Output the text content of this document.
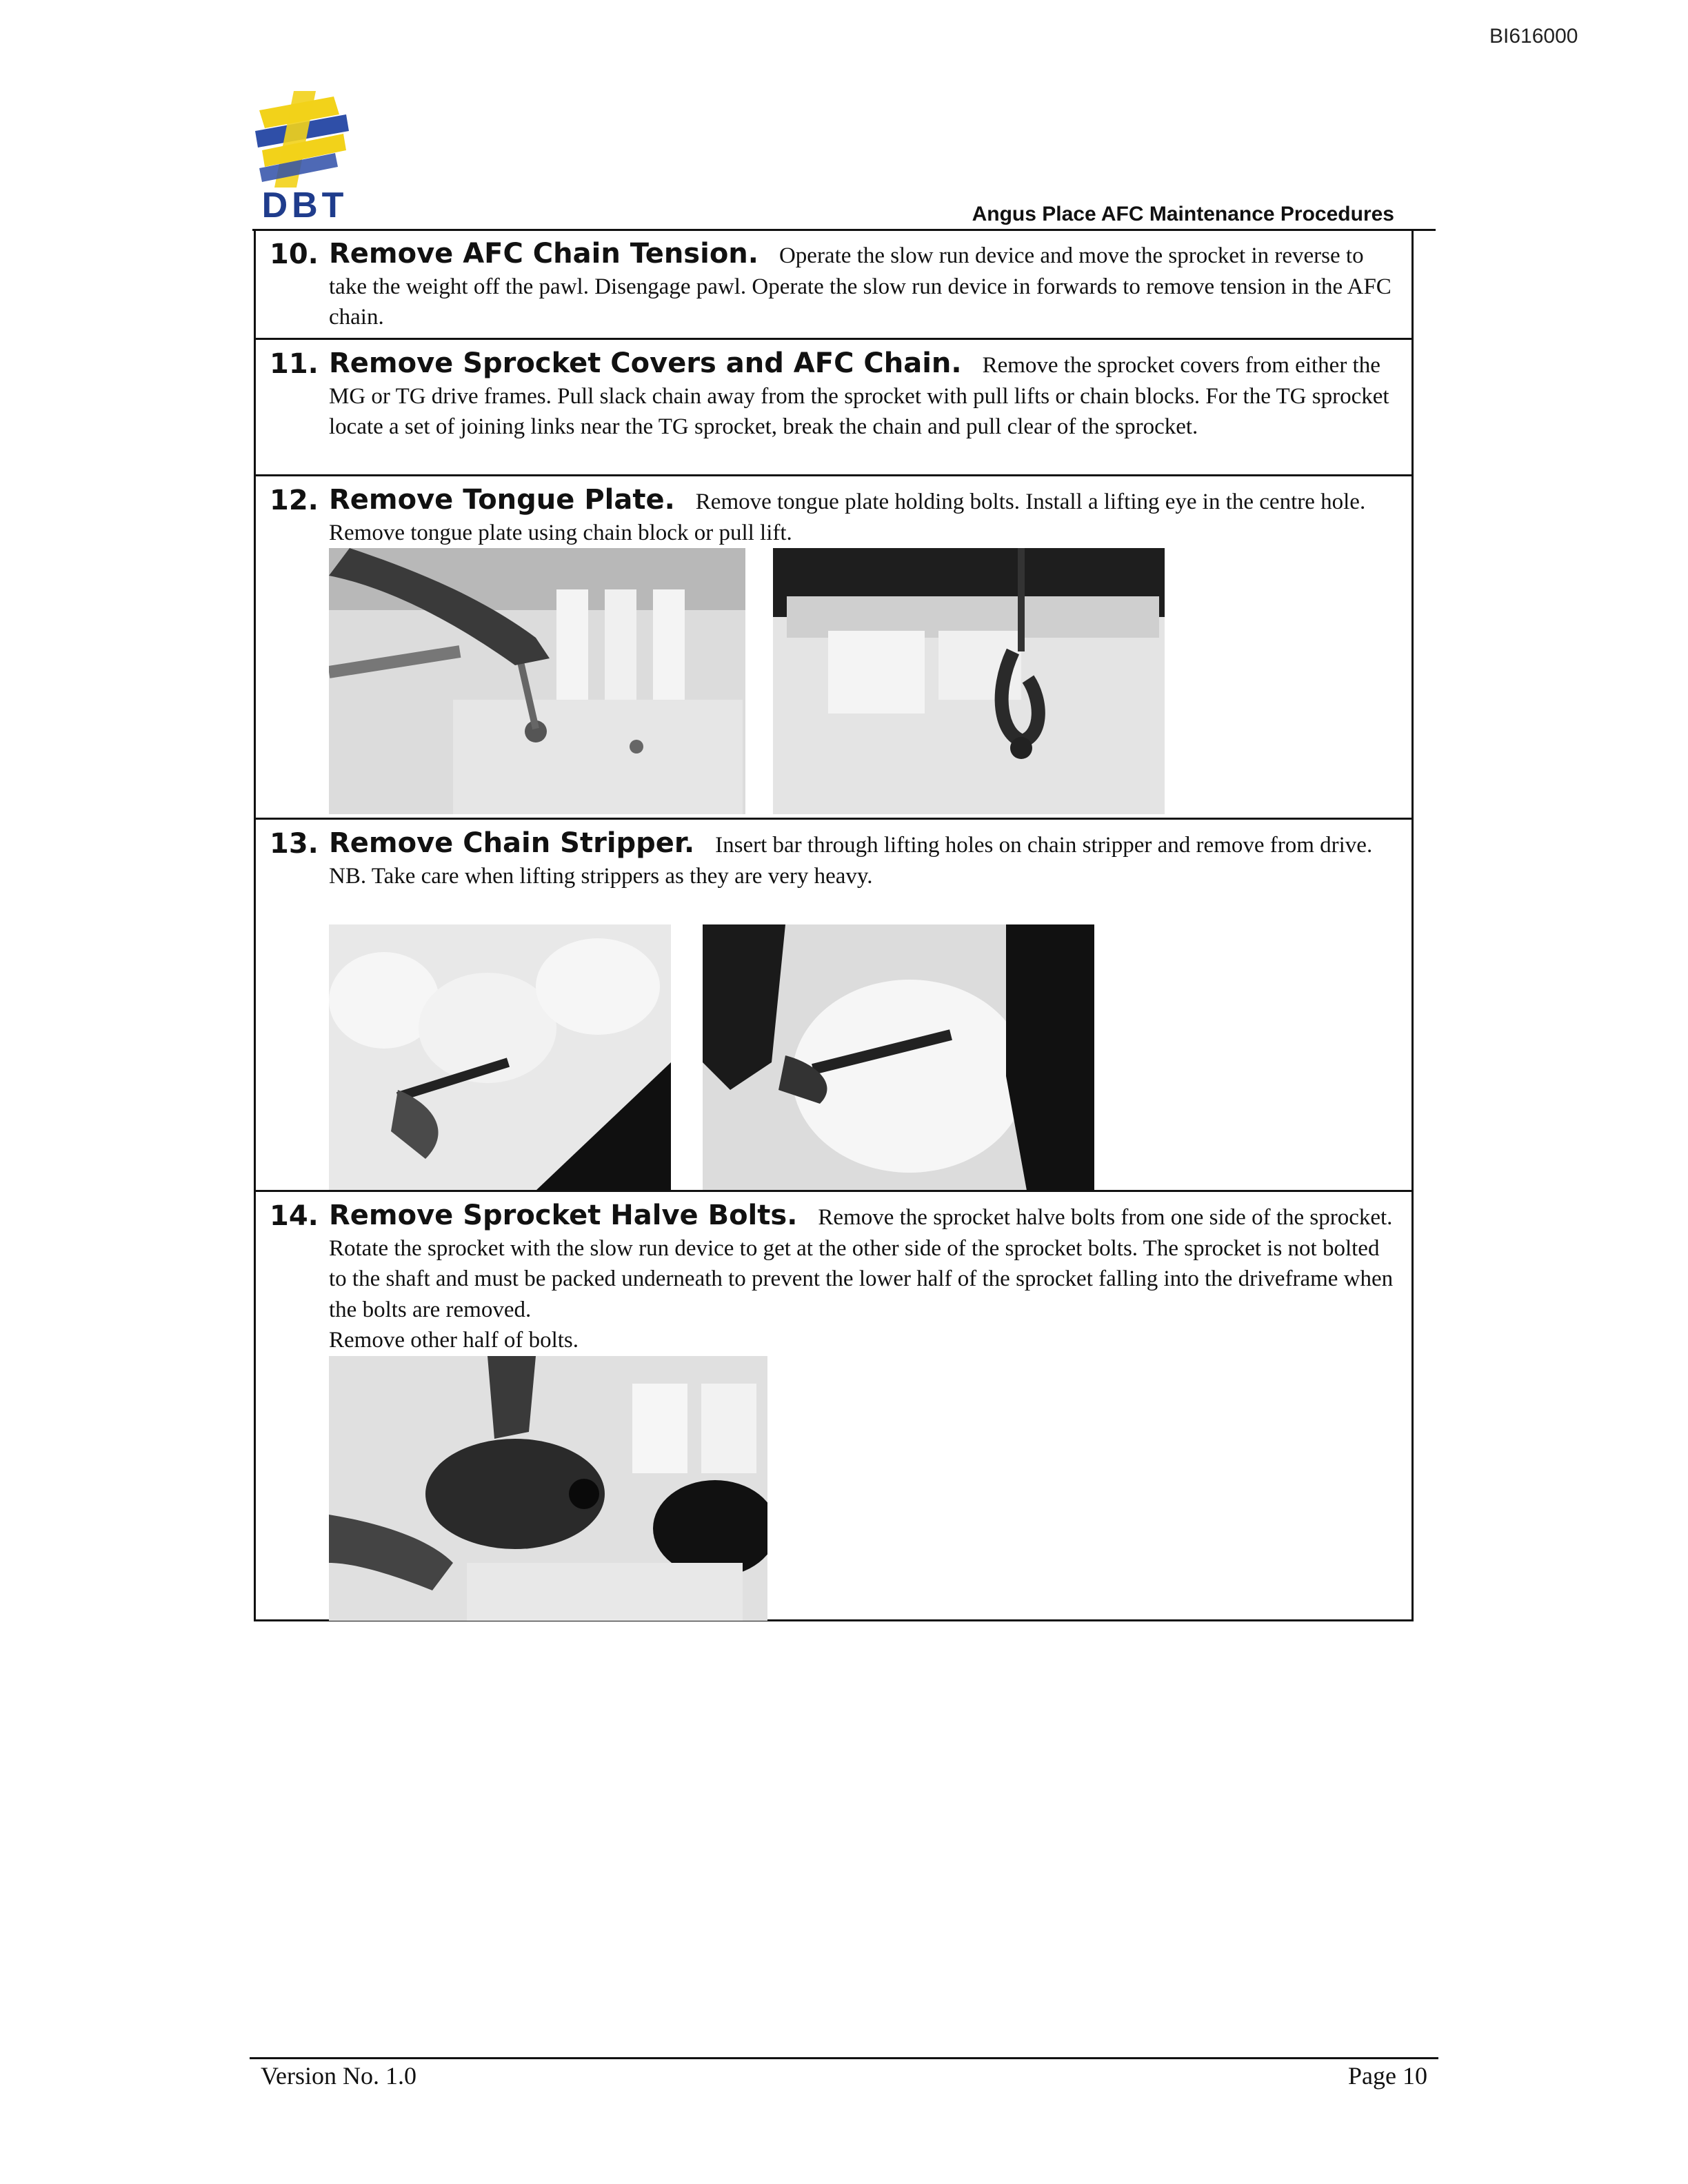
BI616000
DBT	Angus Place AFC Maintenance Procedures
10. Remove AFC Chain Tension. Operate the slow run device and move the sprocket in reverse to take the weight off the pawl. Disengage pawl. Operate the slow run device in forwards to remove tension in the AFC chain.
11. Remove Sprocket Covers and AFC Chain. Remove the sprocket covers from either the MG or TG drive frames. Pull slack chain away from the sprocket with pull lifts or chain blocks. For the TG sprocket locate a set of joining links near the TG sprocket, break the chain and pull clear of the sprocket.
12. Remove Tongue Plate. Remove tongue plate holding bolts. Install a lifting eye in the centre hole. Remove tongue plate using chain block or pull lift.
13. Remove Chain Stripper. Insert bar through lifting holes on chain stripper and remove from drive.

NB. Take care when lifting strippers as they are very heavy.

14. Remove Sprocket Halve Bolts. Remove the sprocket halve bolts from one side of the sprocket. Rotate the sprocket with the slow run device to get at the other side of the sprocket bolts. The sprocket is not bolted to the shaft and must be packed underneath to prevent the lower half of the sprocket falling into the driveframe when the bolts are removed.

Remove other half of bolts.

Version No. 1.0	Page 10
